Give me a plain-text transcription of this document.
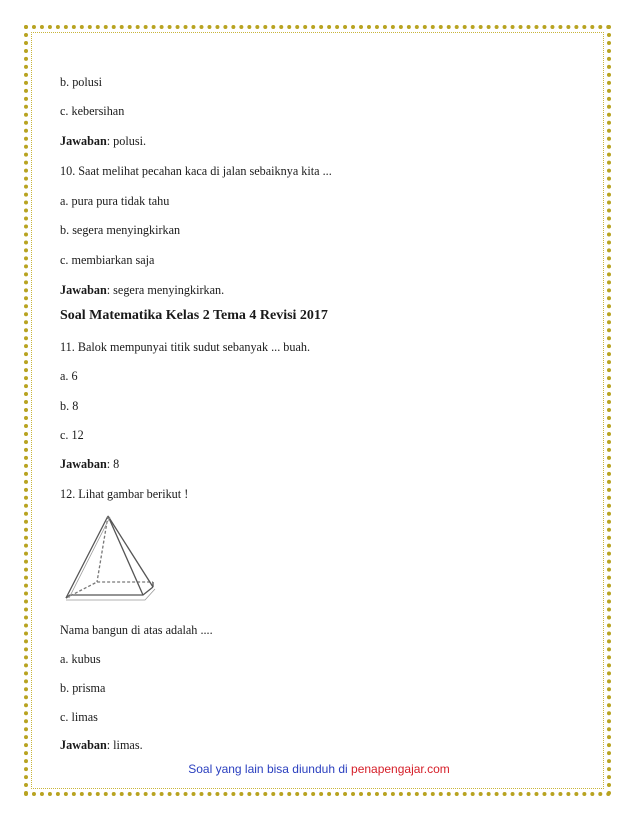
b. polusi
c. kebersihan
Jawaban: polusi.
10. Saat melihat pecahan kaca di jalan sebaiknya kita ...
a. pura pura tidak tahu
b. segera menyingkirkan
c. membiarkan saja
Jawaban: segera menyingkirkan.
Soal Matematika Kelas 2 Tema 4 Revisi 2017
11. Balok mempunyai titik sudut sebanyak ... buah.
a. 6
b. 8
c. 12
Jawaban: 8
12. Lihat gambar berikut !
Nama bangun di atas adalah ....
a. kubus
b. prisma
c. limas
Jawaban: limas.
Soal yang lain bisa diunduh di penapengajar.com
